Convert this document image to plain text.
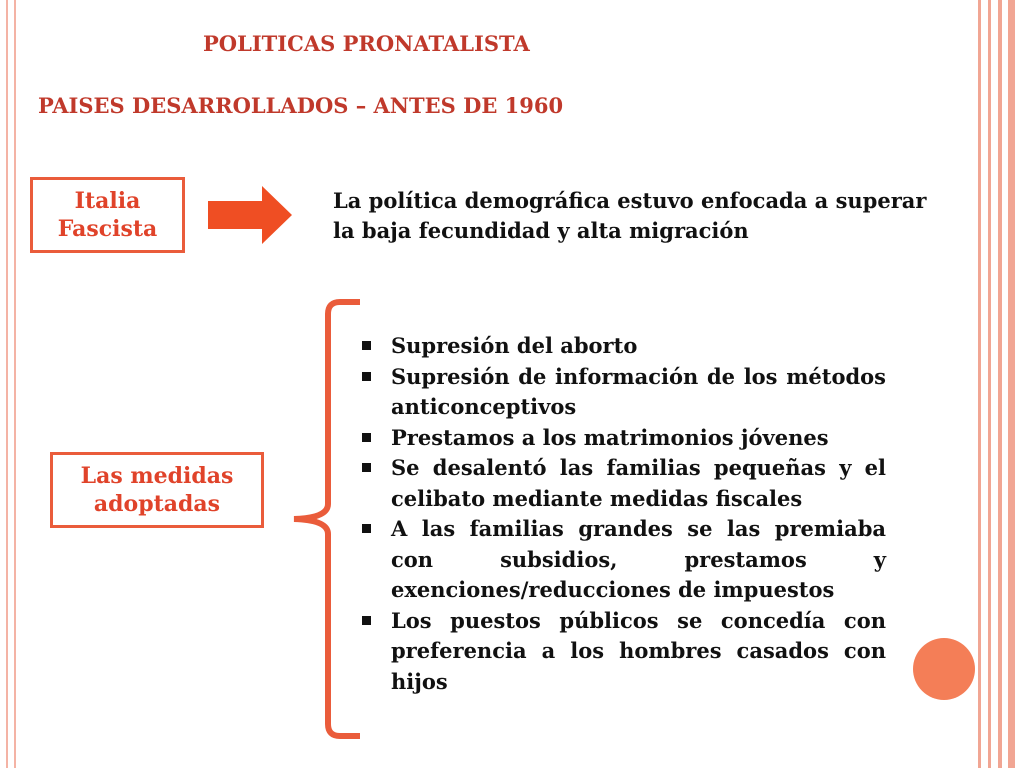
POLITICAS PRONATALISTA
PAISES DESARROLLADOS – ANTES DE 1960
Italia
Fascista
La política demográfica estuvo enfocada a superar la baja fecundidad y alta migración
Las medidas
adoptadas
Supresión del aborto
Supresión de información de los métodos anticonceptivos
Prestamos a los matrimonios jóvenes
Se desalentó las familias pequeñas y el celibato mediante medidas fiscales
A las familias grandes se las premiaba con subsidios, prestamos y exenciones/reducciones de impuestos
Los puestos públicos se concedía con preferencia a los hombres casados con hijos
